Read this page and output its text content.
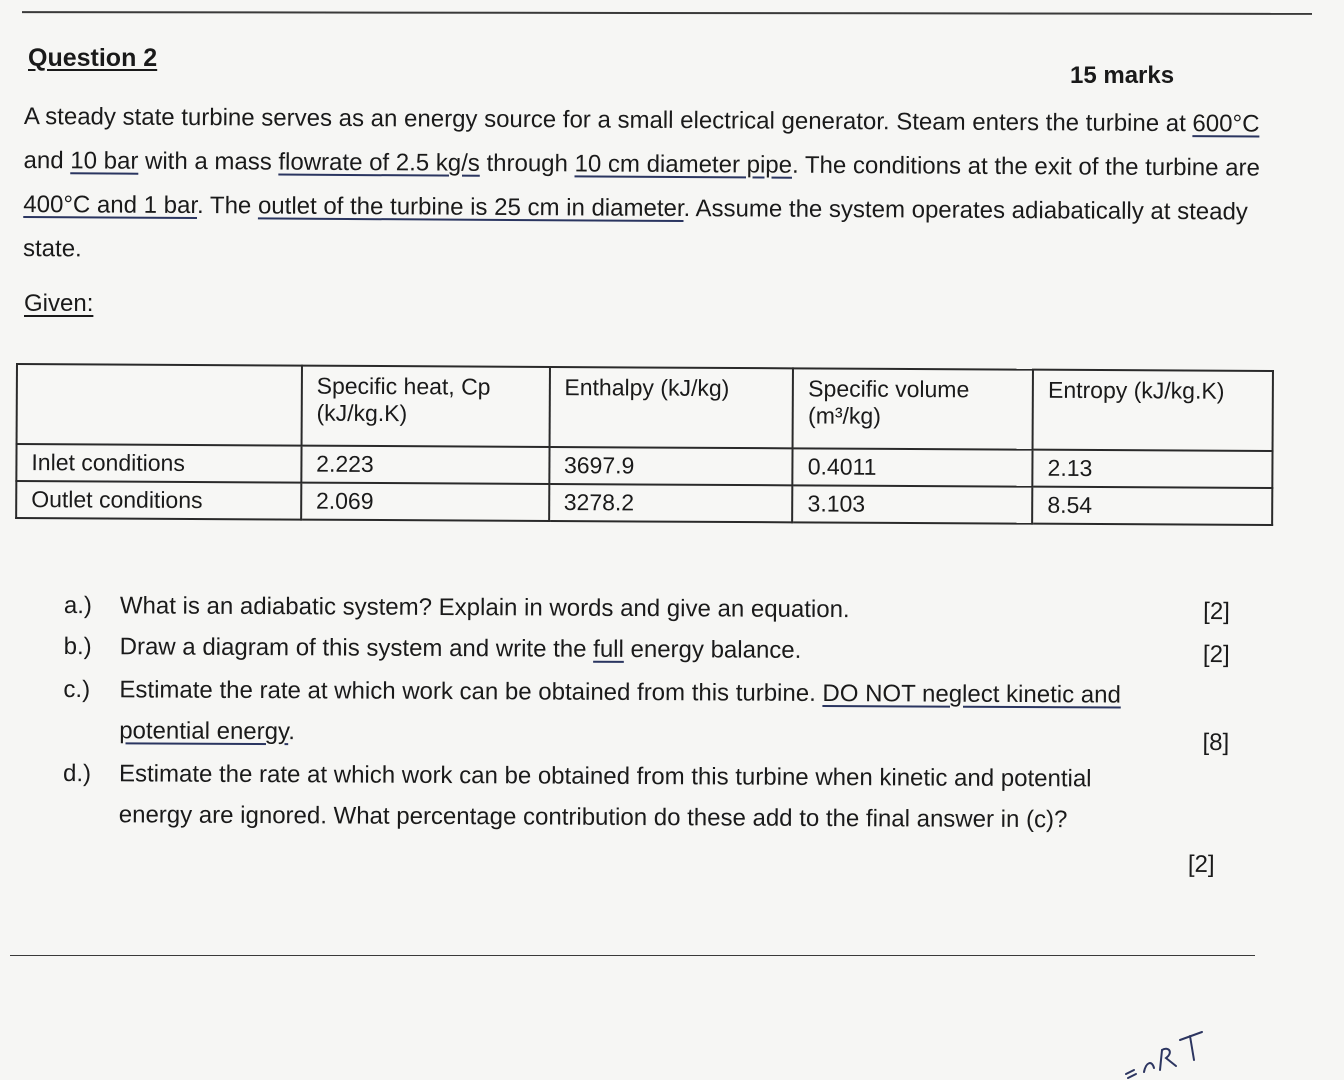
Question 2
15 marks

A steady state turbine serves as an energy source for a small electrical generator. Steam enters the turbine at 600°C and 10 bar with a mass flowrate of 2.5 kg/s through 10 cm diameter pipe. The conditions at the exit of the turbine are 400°C and 1 bar. The outlet of the turbine is 25 cm in diameter. Assume the system operates adiabatically at steady state.

Given:
	Specific heat, Cp (kJ/kg.K)	Enthalpy (kJ/kg)	Specific volume (m³/kg)	Entropy (kJ/kg.K)
Inlet conditions	2.223	3697.9	0.4011	2.13
Outlet conditions	2.069	3278.2	3.103	8.54
a.) What is an adiabatic system? Explain in words and give an equation.	[2]
b.) Draw a diagram of this system and write the full energy balance.	[2]
c.) Estimate the rate at which work can be obtained from this turbine. DO NOT neglect kinetic and potential energy.	[8]
d.) Estimate the rate at which work can be obtained from this turbine when kinetic and potential energy are ignored. What percentage contribution do these add to the final answer in (c)?
[2]
